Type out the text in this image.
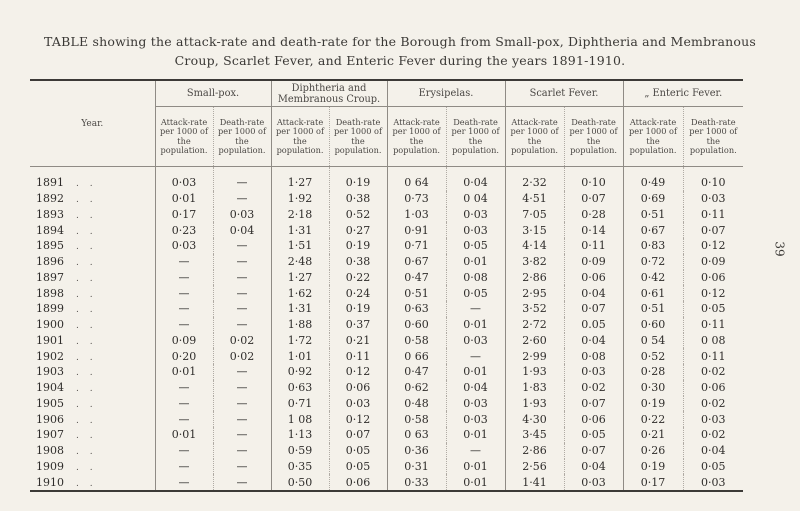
TABLE showing the attack-rate and death-rate for the Borough from Small-pox, Diphtheria and Membranous
Croup, Scarlet Fever, and Enteric Fever during the years 1891-1910.
39
Year.	Small-pox.		Diphtheria and Membranous Croup.		Erysipelas.		Scarlet Fever.		„ Enteric Fever.	
	Attack-rate per 1000 of the population.	Death-rate per 1000 of the population.	Attack-rate per 1000 of the population.	Death-rate per 1000 of the population.	Attack-rate per 1000 of the population.	Death-rate per 1000 of the population.	Attack-rate per 1000 of the population.	Death-rate per 1000 of the population.	Attack-rate per 1000 of the population.	Death-rate per 1000 of the population.
1891 . .	0·03	—	1·27	0·19	0 64	0·04	2·32	0·10	0·49	0·10
1892 . .	0·01	—	1·92	0·38	0·73	0 04	4·51	0·07	0·69	0·03
1893 . .	0·17	0·03	2·18	0·52	1·03	0·03	7·05	0·28	0·51	0·11
1894 . .	0·23	0·04	1·31	0·27	0·91	0·03	3·15	0·14	0·67	0·07
1895 . .	0·03	—	1·51	0·19	0·71	0·05	4·14	0·11	0·83	0·12
1896 . .	—	—	2·48	0·38	0·67	0·01	3·82	0·09	0·72	0·09
1897 . .	—	—	1·27	0·22	0·47	0·08	2·86	0·06	0·42	0·06
1898 . .	—	—	1·62	0·24	0·51	0·05	2·95	0·04	0·61	0·12
1899 . .	—	—	1·31	0·19	0·63	—	3·52	0·07	0·51	0·05
1900 . .	—	—	1·88	0·37	0·60	0·01	2·72	0.05	0·60	0·11
1901 . .	0·09	0·02	1·72	0·21	0·58	0·03	2·60	0·04	0 54	0 08
1902 . .	0·20	0·02	1·01	0·11	0 66	—	2·99	0·08	0·52	0·11
1903 . .	0·01	—	0·92	0·12	0·47	0·01	1·93	0·03	0·28	0·02
1904 . .	—	—	0·63	0·06	0·62	0·04	1·83	0·02	0·30	0·06
1905 . .	—	—	0·71	0·03	0·48	0·03	1·93	0·07	0·19	0·02
1906 . .	—	—	1 08	0·12	0·58	0·03	4·30	0·06	0·22	0·03
1907 . .	0·01	—	1·13	0·07	0 63	0·01	3·45	0·05	0·21	0·02
1908 . .	—	—	0·59	0·05	0·36	—	2·86	0·07	0·26	0·04
1909 . .	—	—	0·35	0·05	0·31	0·01	2·56	0·04	0·19	0·05
1910 . .	—	—	0·50	0·06	0·33	0·01	1·41	0·03	0·17	0·03
